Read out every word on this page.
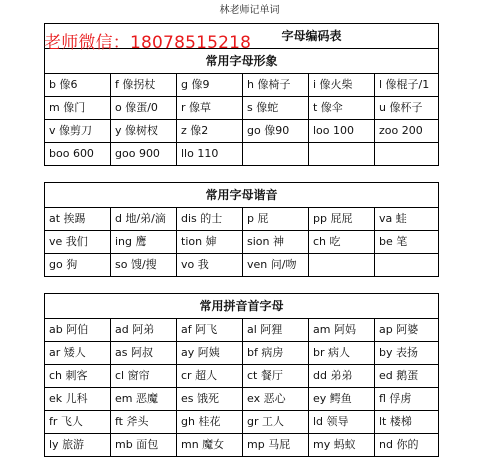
林老师记单词
字母编码表					
常用字母形象					
b 像6	f 像拐杖	g 像9	h 像椅子	i 像火柴	l 像棍子/1
m 像门	o 像蛋/0	r 像草	s 像蛇	t 像伞	u 像杯子
v 像剪刀	y 像树杈	z 像2	go 像90	loo 100	zoo 200
boo 600	goo 900	llo 110			

常用字母谐音					
at 挨踢	d 地/弟/滴	dis 的士	p 屁	pp 屁屁	va 蛙
ve 我们	ing 鹰	tion 婶	sion 神	ch 吃	be 笔
go 狗	so 馊/搜	vo 我	ven 问/吻		

常用拼音首字母					
ab 阿伯	ad 阿弟	af 阿飞	al 阿狸	am 阿妈	ap 阿婆
ar 矮人	as 阿叔	ay 阿姨	bf 病房	br 病人	by 表扬
ch 刺客	cl 窗帘	cr 超人	ct 餐厅	dd 弟弟	ed 鹅蛋
ek 儿科	em 恶魔	es 饿死	ex 恶心	ey 鳄鱼	fl 俘虏
fr 飞人	ft 斧头	gh 桂花	gr 工人	ld 领导	lt 楼梯
ly 旅游	mb 面包	mn 魔女	mp 马屁	my 蚂蚁	nd 你的
老师微信：18078515218
